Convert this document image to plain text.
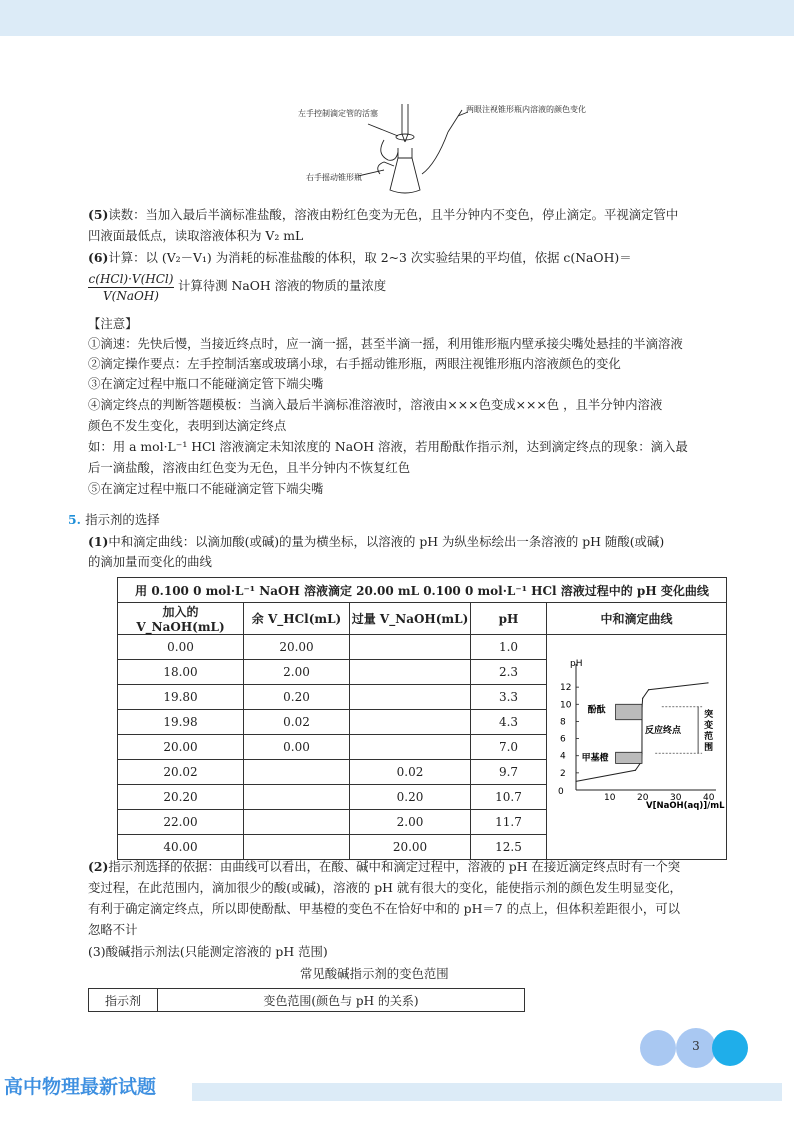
左手控制滴定管的活塞	两眼注视锥形瓶内溶液的颜色变化
右手摇动锥形瓶
(5)读数：当加入最后半滴标准盐酸，溶液由粉红色变为无色，且半分钟内不变色，停止滴定。平视滴定管中
凹液面最低点，读取溶液体积为 V₂ mL
(6)计算：以 (V₂－V₁) 为消耗的标准盐酸的体积，取 2~3 次实验结果的平均值，依据 c(NaOH)＝
c(HCl)·V(HCl)
V(NaOH)
计算待测 NaOH 溶液的物质的量浓度
【注意】
①滴速：先快后慢，当接近终点时，应一滴一摇，甚至半滴一摇，利用锥形瓶内壁承接尖嘴处悬挂的半滴溶液
②滴定操作要点：左手控制活塞或玻璃小球，右手摇动锥形瓶，两眼注视锥形瓶内溶液颜色的变化
③在滴定过程中瓶口不能碰滴定管下端尖嘴
④滴定终点的判断答题模板：当滴入最后半滴标准溶液时，溶液由×××色变成×××色 ，且半分钟内溶液
颜色不发生变化，表明到达滴定终点
如：用 a mol·L⁻¹ HCl 溶液滴定未知浓度的 NaOH 溶液，若用酚酞作指示剂，达到滴定终点的现象：滴入最
后一滴盐酸，溶液由红色变为无色，且半分钟内不恢复红色
⑤在滴定过程中瓶口不能碰滴定管下端尖嘴
5. 指示剂的选择
(1)中和滴定曲线：以滴加酸(或碱)的量为横坐标，以溶液的 pH 为纵坐标绘出一条溶液的 pH 随酸(或碱)
的滴加量而变化的曲线
用 0.100 0 mol·L⁻¹ NaOH 溶液滴定 20.00 mL 0.100 0 mol·L⁻¹ HCl 溶液过程中的 pH 变化曲线				
加入的 V_NaOH(mL)	余 V_HCl(mL)	过量 V_NaOH(mL)	pH	中和滴定曲线
0.00	20.00		1.0	
18.00	2.00		2.3	
19.80	0.20		3.3	
19.98	0.02		4.3	
20.00	0.00		7.0	
20.02		0.02	9.7	
20.20		0.20	10.7	
22.00		2.00	11.7	
40.00		20.00	12.5	
0
pH
V[NaOH(aq)]/mL
10 20 30 40
2
4
6
8
10
12
酚酞
甲基橙
反应终点
突
变
范
围
(2)指示剂选择的依据：由曲线可以看出，在酸、碱中和滴定过程中，溶液的 pH 在接近滴定终点时有一个突
变过程，在此范围内，滴加很少的酸(或碱)，溶液的 pH 就有很大的变化，能使指示剂的颜色发生明显变化，
有利于确定滴定终点，所以即使酚酞、甲基橙的变色不在恰好中和的 pH＝7 的点上，但体积差距很小，可以
忽略不计
(3)酸碱指示剂法(只能测定溶液的 pH 范围)
常见酸碱指示剂的变色范围
指示剂	变色范围(颜色与 pH 的关系)
3
高中物理最新试题
